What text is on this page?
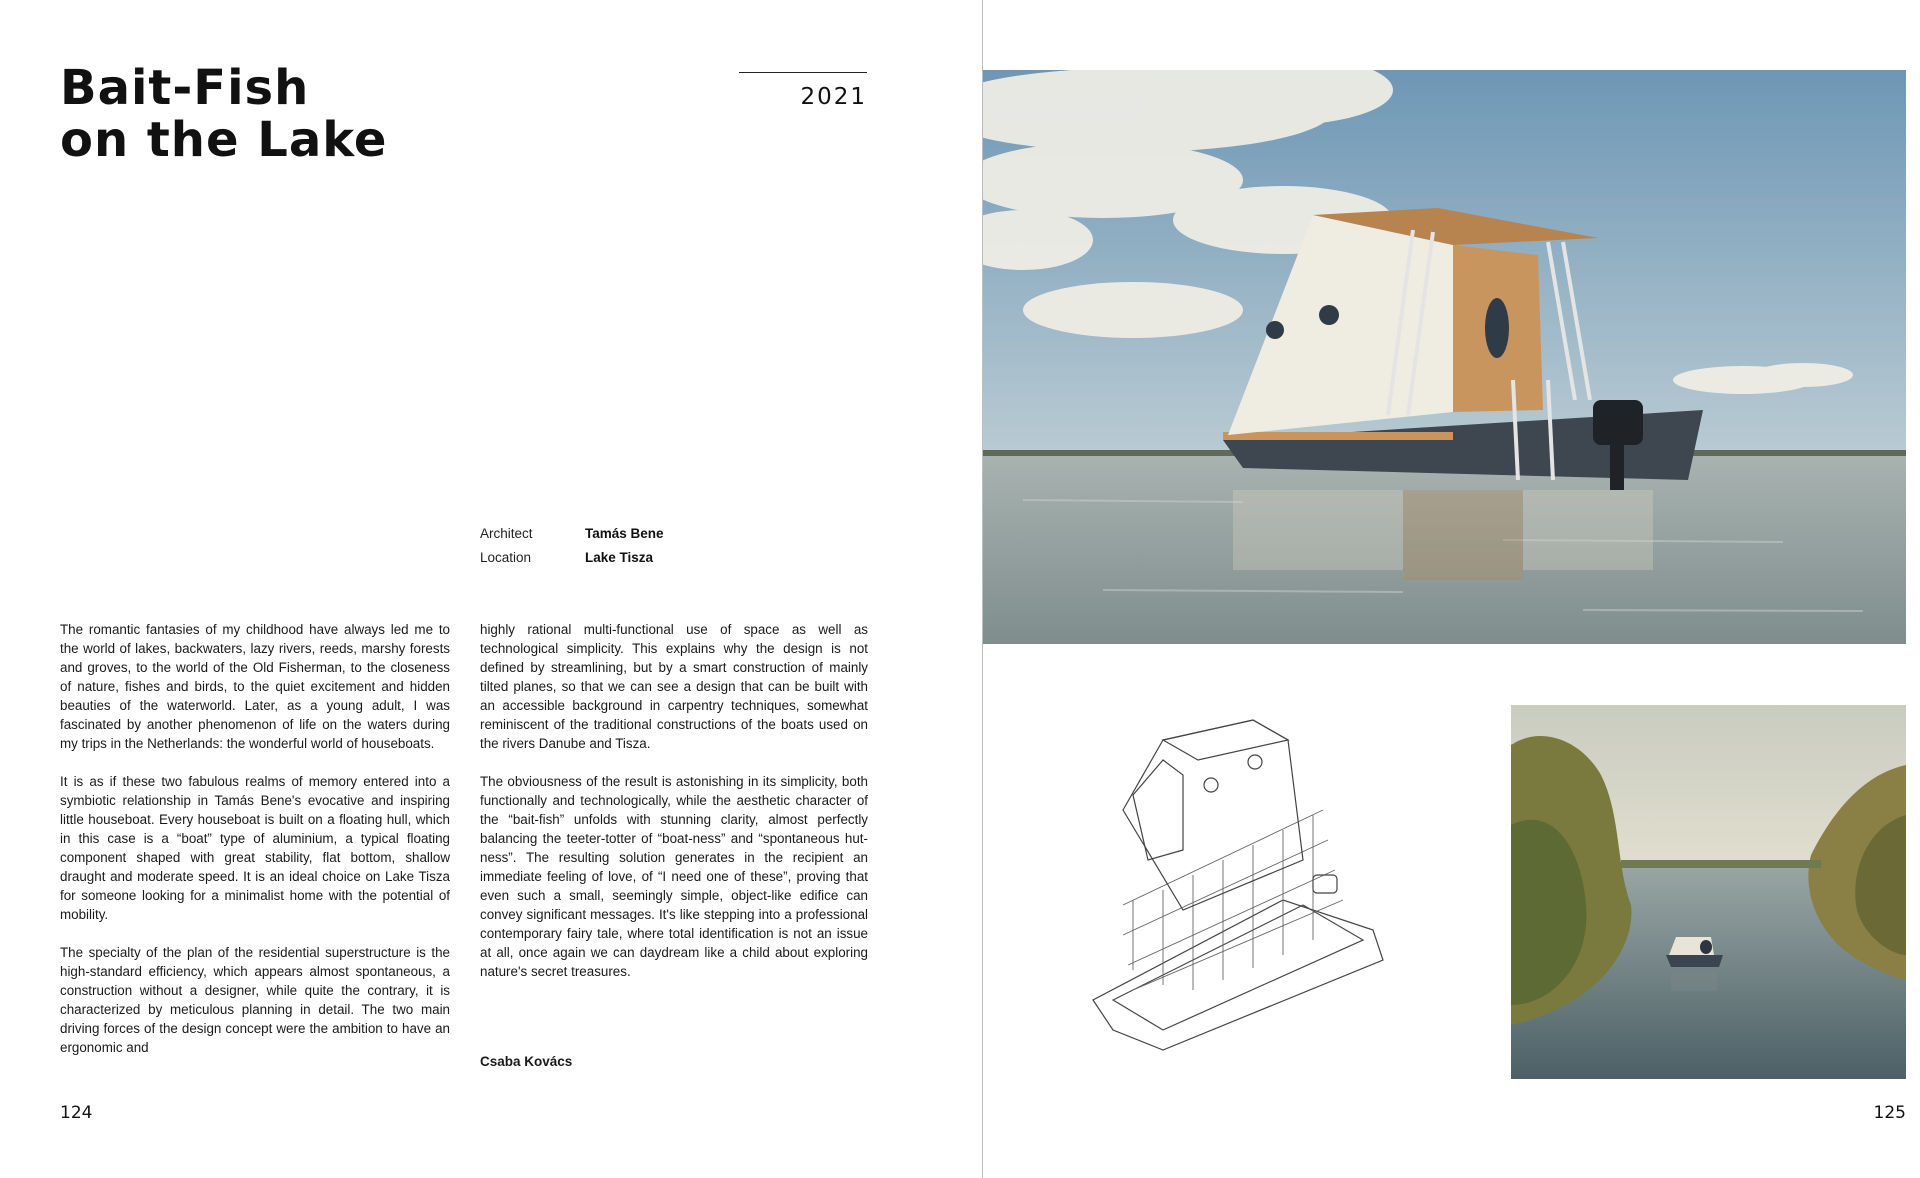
Bait-Fish
on the Lake
2021
Architect	Tamás Bene
Location	Lake Tisza

The romantic fantasies of my childhood have always led me to the world of lakes, backwaters, lazy rivers, reeds, marshy forests and groves, to the world of the Old Fisherman, to the closeness of nature, fishes and birds, to the quiet excitement and hidden beauties of the waterworld. Later, as a young adult, I was fascinated by another phenomenon of life on the waters during my trips in the Netherlands: the wonderful world of houseboats.

It is as if these two fabulous realms of memory entered into a symbiotic relationship in Tamás Bene's evocative and inspiring little houseboat. Every houseboat is built on a floating hull, which in this case is a “boat” type of aluminium, a typical floating component shaped with great stability, flat bottom, shallow draught and moderate speed. It is an ideal choice on Lake Tisza for someone looking for a minimalist home with the potential of mobility.

The specialty of the plan of the residential superstructure is the high-standard efficiency, which appears almost spontaneous, a construction without a designer, while quite the contrary, it is characterized by meticulous planning in detail. The two main driving forces of the design concept were the ambition to have an ergonomic and

highly rational multi-functional use of space as well as technological simplicity. This explains why the design is not defined by streamlining, but by a smart construction of mainly tilted planes, so that we can see a design that can be built with an accessible background in carpentry techniques, somewhat reminiscent of the traditional constructions of the boats used on the rivers Danube and Tisza.

The obviousness of the result is astonishing in its simplicity, both functionally and technologically, while the aesthetic character of the “bait-fish” unfolds with stunning clarity, almost perfectly balancing the teeter-totter of “boat-ness” and “spontaneous hut-ness”. The resulting solution generates in the recipient an immediate feeling of love, of “I need one of these”, proving that even such a small, seemingly simple, object-like edifice can convey significant messages. It's like stepping into a professional contemporary fairy tale, where total identification is not an issue at all, once again we can daydream like a child about exploring nature's secret treasures.

Csaba Kovács
124	125
